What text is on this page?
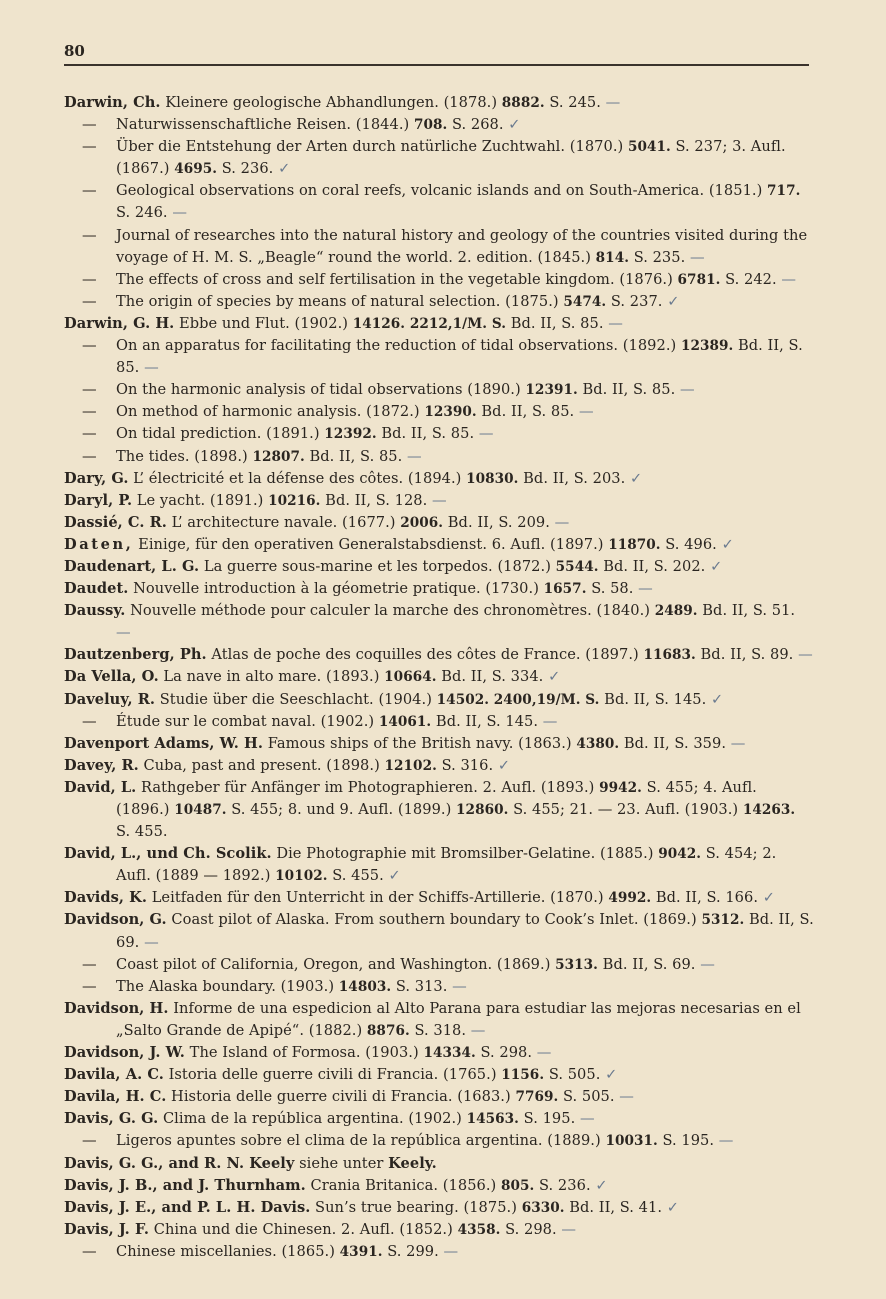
80
Darwin, Ch. Kleinere geologische Abhandlungen. (1878.) 8882. S. 245. —
— Naturwissenschaftliche Reisen. (1844.) 708. S. 268. ✓
— Über die Entstehung der Arten durch natürliche Zuchtwahl. (1870.) 5041. S. 237; 3. Aufl. (1867.) 4695. S. 236. ✓
— Geological observations on coral reefs, volcanic islands and on South-America. (1851.) 717. S. 246. —
— Journal of researches into the natural history and geology of the countries visited during the voyage of H. M. S. „Beagle“ round the world. 2. edition. (1845.) 814. S. 235. —
— The effects of cross and self fertilisation in the vegetable kingdom. (1876.) 6781. S. 242. —
— The origin of species by means of natural selection. (1875.) 5474. S. 237. ✓
Darwin, G. H. Ebbe und Flut. (1902.) 14126. 2212,1/M. S. Bd. II, S. 85. —
— On an apparatus for facilitating the reduction of tidal observations. (1892.) 12389. Bd. II, S. 85. —
— On the harmonic analysis of tidal observations (1890.) 12391. Bd. II, S. 85. —
— On method of harmonic analysis. (1872.) 12390. Bd. II, S. 85. —
— On tidal prediction. (1891.) 12392. Bd. II, S. 85. —
— The tides. (1898.) 12807. Bd. II, S. 85. —
Dary, G. L’ électricité et la défense des côtes. (1894.) 10830. Bd. II, S. 203. ✓
Daryl, P. Le yacht. (1891.) 10216. Bd. II, S. 128. —
Dassié, C. R. L’ architecture navale. (1677.) 2006. Bd. II, S. 209. —
Daten, Einige, für den operativen Generalstabsdienst. 6. Aufl. (1897.) 11870. S. 496. ✓
Daudenart, L. G. La guerre sous-marine et les torpedos. (1872.) 5544. Bd. II, S. 202. ✓
Daudet. Nouvelle introduction à la géometrie pratique. (1730.) 1657. S. 58. —
Daussy. Nouvelle méthode pour calculer la marche des chronomètres. (1840.) 2489. Bd. II, S. 51. —
Dautzenberg, Ph. Atlas de poche des coquilles des côtes de France. (1897.) 11683. Bd. II, S. 89. —
Da Vella, O. La nave in alto mare. (1893.) 10664. Bd. II, S. 334. ✓
Daveluy, R. Studie über die Seeschlacht. (1904.) 14502. 2400,19/M. S. Bd. II, S. 145. ✓
— Étude sur le combat naval. (1902.) 14061. Bd. II, S. 145. —
Davenport Adams, W. H. Famous ships of the British navy. (1863.) 4380. Bd. II, S. 359. —
Davey, R. Cuba, past and present. (1898.) 12102. S. 316. ✓
David, L. Rathgeber für Anfänger im Photographieren. 2. Aufl. (1893.) 9942. S. 455; 4. Aufl. (1896.) 10487. S. 455; 8. und 9. Aufl. (1899.) 12860. S. 455; 21. — 23. Aufl. (1903.) 14263. S. 455.
David, L., und Ch. Scolik. Die Photographie mit Bromsilber-Gelatine. (1885.) 9042. S. 454; 2. Aufl. (1889 — 1892.) 10102. S. 455. ✓
Davids, K. Leitfaden für den Unterricht in der Schiffs-Artillerie. (1870.) 4992. Bd. II, S. 166. ✓
Davidson, G. Coast pilot of Alaska. From southern boundary to Cook’s Inlet. (1869.) 5312. Bd. II, S. 69. —
— Coast pilot of California, Oregon, and Washington. (1869.) 5313. Bd. II, S. 69. —
— The Alaska boundary. (1903.) 14803. S. 313. —
Davidson, H. Informe de una espedicion al Alto Parana para estudiar las mejoras necesarias en el „Salto Grande de Apipé“. (1882.) 8876. S. 318. —
Davidson, J. W. The Island of Formosa. (1903.) 14334. S. 298. —
Davila, A. C. Istoria delle guerre civili di Francia. (1765.) 1156. S. 505. ✓
Davila, H. C. Historia delle guerre civili di Francia. (1683.) 7769. S. 505. —
Davis, G. G. Clima de la república argentina. (1902.) 14563. S. 195. —
— Ligeros apuntes sobre el clima de la república argentina. (1889.) 10031. S. 195. —
Davis, G. G., and R. N. Keely siehe unter Keely.
Davis, J. B., and J. Thurnham. Crania Britanica. (1856.) 805. S. 236. ✓
Davis, J. E., and P. L. H. Davis. Sun’s true bearing. (1875.) 6330. Bd. II, S. 41. ✓
Davis, J. F. China und die Chinesen. 2. Aufl. (1852.) 4358. S. 298. —
— Chinese miscellanies. (1865.) 4391. S. 299. —
